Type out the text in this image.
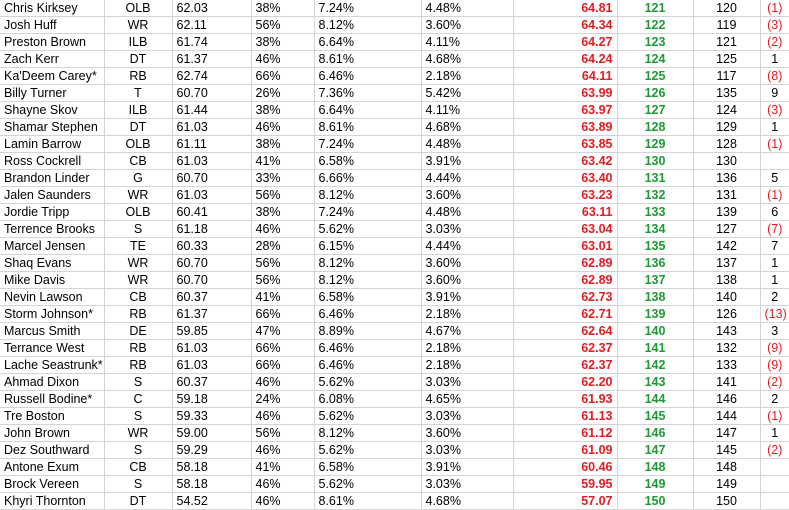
Chris Kirksey	OLB	62.03	38%	7.24%	4.48%	64.81	121	120	(1)
Josh Huff	WR	62.11	56%	8.12%	3.60%	64.34	122	119	(3)
Preston Brown	ILB	61.74	38%	6.64%	4.11%	64.27	123	121	(2)
Zach Kerr	DT	61.37	46%	8.61%	4.68%	64.24	124	125	1
Ka'Deem Carey*	RB	62.74	66%	6.46%	2.18%	64.11	125	117	(8)
Billy Turner	T	60.70	26%	7.36%	5.42%	63.99	126	135	9
Shayne Skov	ILB	61.44	38%	6.64%	4.11%	63.97	127	124	(3)
Shamar Stephen	DT	61.03	46%	8.61%	4.68%	63.89	128	129	1
Lamin Barrow	OLB	61.11	38%	7.24%	4.48%	63.85	129	128	(1)
Ross Cockrell	CB	61.03	41%	6.58%	3.91%	63.42	130	130	
Brandon Linder	G	60.70	33%	6.66%	4.44%	63.40	131	136	5
Jalen Saunders	WR	61.03	56%	8.12%	3.60%	63.23	132	131	(1)
Jordie Tripp	OLB	60.41	38%	7.24%	4.48%	63.11	133	139	6
Terrence Brooks	S	61.18	46%	5.62%	3.03%	63.04	134	127	(7)
Marcel Jensen	TE	60.33	28%	6.15%	4.44%	63.01	135	142	7
Shaq Evans	WR	60.70	56%	8.12%	3.60%	62.89	136	137	1
Mike Davis	WR	60.70	56%	8.12%	3.60%	62.89	137	138	1
Nevin Lawson	CB	60.37	41%	6.58%	3.91%	62.73	138	140	2
Storm Johnson*	RB	61.37	66%	6.46%	2.18%	62.71	139	126	(13)
Marcus Smith	DE	59.85	47%	8.89%	4.67%	62.64	140	143	3
Terrance West	RB	61.03	66%	6.46%	2.18%	62.37	141	132	(9)
Lache Seastrunk*	RB	61.03	66%	6.46%	2.18%	62.37	142	133	(9)
Ahmad Dixon	S	60.37	46%	5.62%	3.03%	62.20	143	141	(2)
Russell Bodine*	C	59.18	24%	6.08%	4.65%	61.93	144	146	2
Tre Boston	S	59.33	46%	5.62%	3.03%	61.13	145	144	(1)
John Brown	WR	59.00	56%	8.12%	3.60%	61.12	146	147	1
Dez Southward	S	59.29	46%	5.62%	3.03%	61.09	147	145	(2)
Antone Exum	CB	58.18	41%	6.58%	3.91%	60.46	148	148	
Brock Vereen	S	58.18	46%	5.62%	3.03%	59.95	149	149	
Khyri Thornton	DT	54.52	46%	8.61%	4.68%	57.07	150	150	
